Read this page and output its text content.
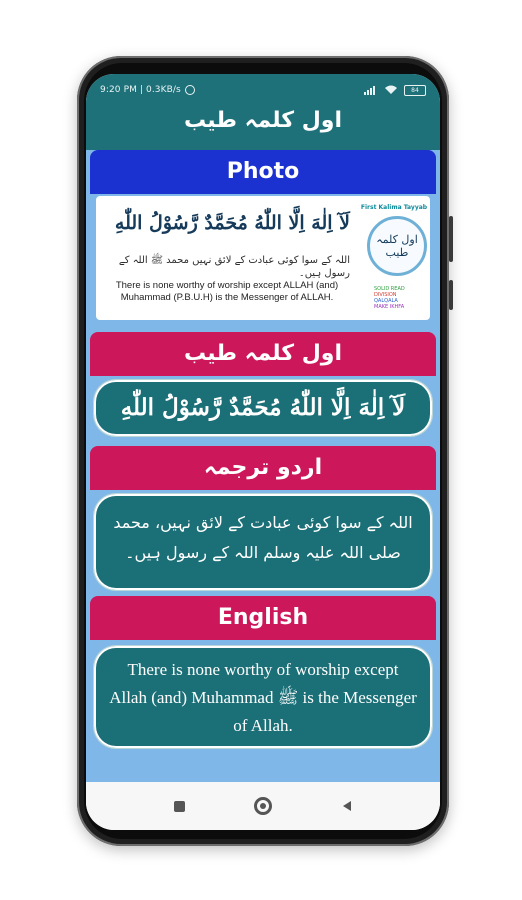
9:20 PM | 0.3KB/s	84
اول کلمہ طیب
Photo
لَآ اِلٰهَ اِلَّا اللّٰهُ مُحَمَّدٌ رَّسُوْلُ اللّٰهِ
اللہ کے سوا کوئی عبادت کے لائق نہیں محمد ﷺ اللہ کے رسول ہیں۔
There is none worthy of worship except ALLAH (and) Muhammad (P.B.U.H) is the Messenger of ALLAH.
First Kalima Tayyab
اول کلمہ طیب
SOLID READ
DIVISION
QALQALA
MAKE IKHFA
اول کلمہ طیب
لَآ اِلٰهَ اِلَّا اللّٰهُ مُحَمَّدٌ رَّسُوْلُ اللّٰهِ
اردو ترجمہ
اللہ کے سوا کوئی عبادت کے لائق نہیں، محمد صلی اللہ علیہ وسلم اللہ کے رسول ہیں۔
English
There is none worthy of worship except Allah (and) Muhammad ﷺ is the Messenger of Allah.
